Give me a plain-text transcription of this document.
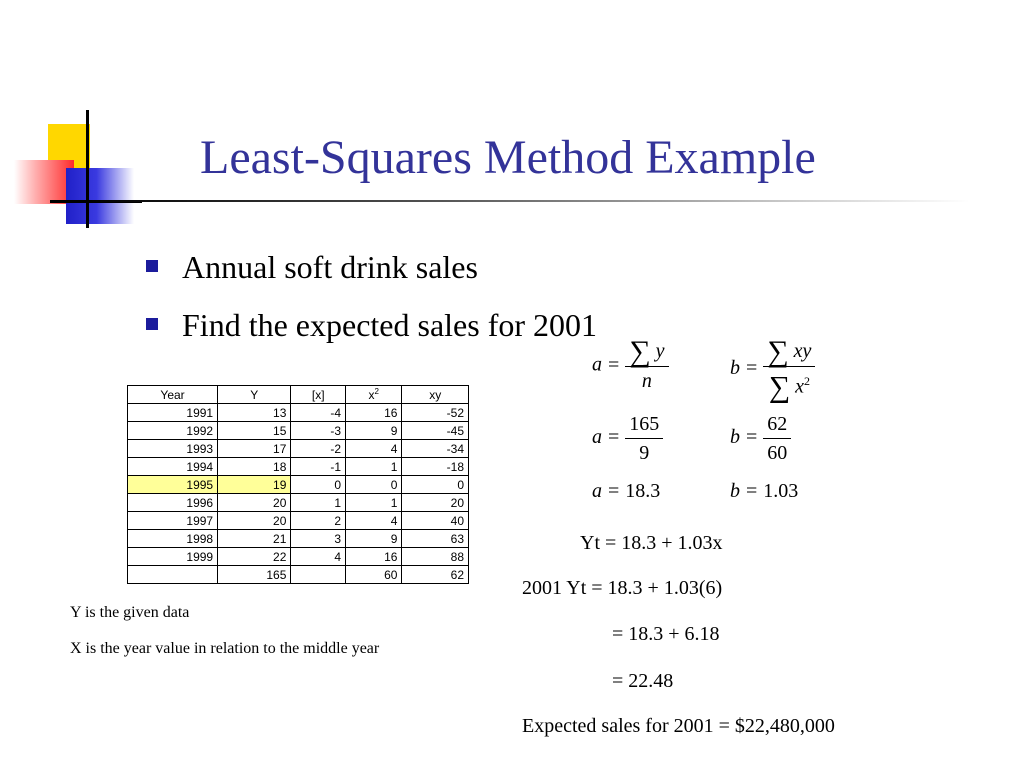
Least-Squares Method Example
Annual soft drink sales
Find the expected sales for 2001
Year	Y	[x]	$x^2$	xy
1991	13	-4	16	-52
1992	15	-3	9	-45
1993	17	-2	4	-34
1994	18	-1	1	-18
1995	19	0	0	0
1996	20	1	1	20
1997	20	2	4	40
1998	21	3	9	63
1999	22	4	16	88
	165		60	62
Y is the given data
X is the year value in relation to the middle year
$a = \frac{\sum y}{n}$	$b = \frac{\sum xy}{\sum x^2}$
$a = \frac{165}{9}$	$b = \frac{62}{60}$
a = 18.3	b = 1.03
Yt = 18.3 + 1.03x
2001 Yt = 18.3 + 1.03(6)
= 18.3 + 6.18
= 22.48
Expected sales for 2001 = $22,480,000
